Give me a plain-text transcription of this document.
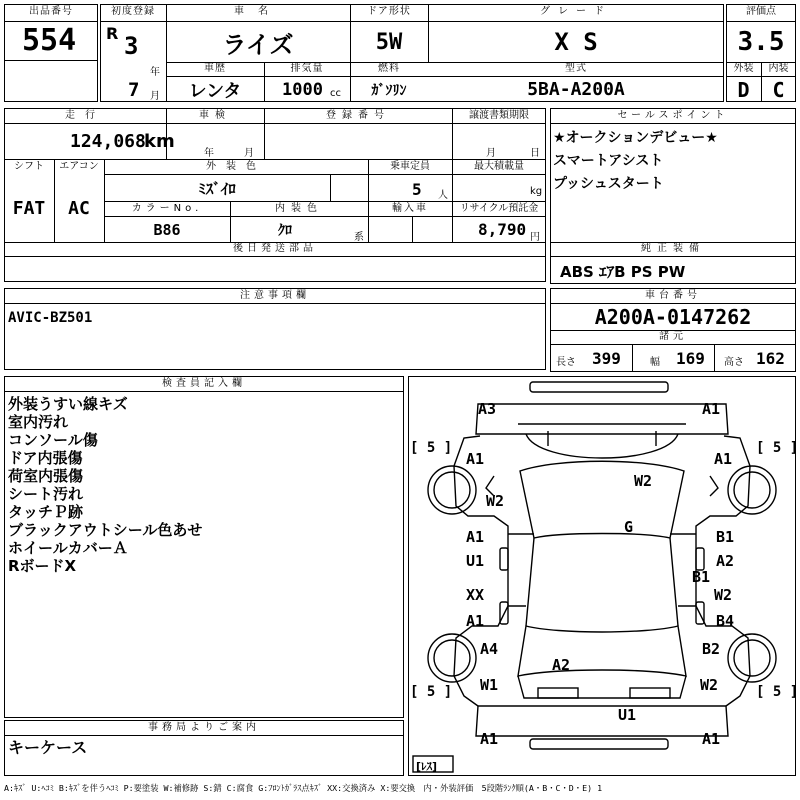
出品番号
554
初度登録
R 3
年
7 月
車名
ライズ
ドア形状
5W
グレード
X S
車歴
レンタ
排気量
1000 cc
燃料
ｶﾞｿﾘﾝ
型式
5BA-A200A
評価点
3.5
外装	内装
D	C
走行
124,068
km
車検
年	月
登録番号	譲渡書類期限
月	日
シフト
FAT
エアコン
AC
外装色
ﾐｽﾞｲﾛ
乗車定員
5 人
最大積載量
kg
カラーNo.
B86
内装色
ｸﾛ	系
輸入車	リサイクル預託金
8,790 円
後日発送部品
セールスポイント
★オークションデビュー★
スマートアシスト
プッシュスタート
純正装備
ABS ｴｱB PS PW
注意事項欄
AVIC-BZ501
車台番号
A200A-0147262
諸元
長さ 399	幅 169 高さ 162
検査員記入欄
外装うすい線キズ
室内汚れ
コンソール傷
ドア内張傷
荷室内張傷
シート汚れ
タッチＰ跡
ブラックアウトシール色あせ
ホイールカバーＡ
RボードX
事務局よりご案内
キーケース
A3	A1
A1	A1
W2
W2
G
A1
U1
B1
A2
B1
XX
A1
W2
B4
A4	B2
A2
W1	W2
U1
A1	A1
[ 5 ]	[ 5 ]
[ 5 ]	[ 5 ]
[ﾚｽ]
A:ｷｽﾞ U:ﾍｺﾐ B:ｷｽﾞを伴うﾍｺﾐ P:要塗装 W:補修跡 S:錆 C:腐食 G:ﾌﾛﾝﾄｶﾞﾗｽ点ｷｽﾞ XX:交換済み X:要交換　内・外装評価　5段階ﾗﾝｸ順(A・B・C・D・E) 1
